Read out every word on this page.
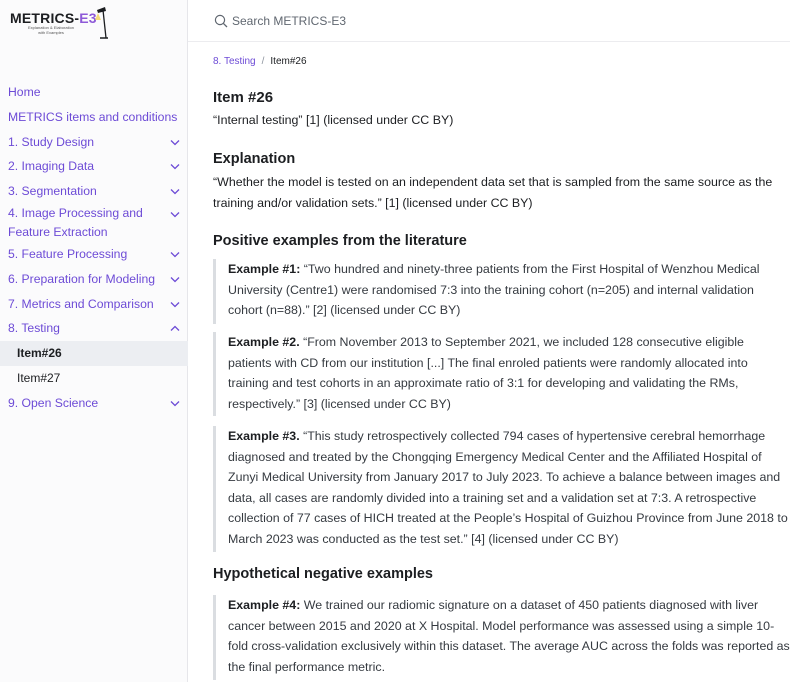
METRICS-E3
Explanation & Elaboration with Examples
Home
METRICS items and conditions
1. Study Design
2. Imaging Data
3. Segmentation
4. Image Processing and Feature Extraction
5. Feature Processing
6. Preparation for Modeling
7. Metrics and Comparison
8. Testing
Item#26
Item#27
9. Open Science
Search METRICS-E3
8. Testing / Item#26
Item #26

“Internal testing” [1] (licensed under CC BY)

Explanation

“Whether the model is tested on an independent data set that is sampled from the same source as the training and/or validation sets.” [1] (licensed under CC BY)

Positive examples from the literature
Example #1: “Two hundred and ninety-three patients from the First Hospital of Wenzhou Medical University (Centre1) were randomised 7:3 into the training cohort (n=205) and internal validation cohort (n=88).” [2] (licensed under CC BY)
Example #2. “From November 2013 to September 2021, we included 128 consecutive eligible patients with CD from our institution [...] The final enroled patients were randomly allocated into training and test cohorts in an approximate ratio of 3:1 for developing and validating the RMs, respectively.” [3] (licensed under CC BY)
Example #3. “This study retrospectively collected 794 cases of hypertensive cerebral hemorrhage diagnosed and treated by the Chongqing Emergency Medical Center and the Affiliated Hospital of Zunyi Medical University from January 2017 to July 2023. To achieve a balance between images and data, all cases are randomly divided into a training set and a validation set at 7:3. A retrospective collection of 77 cases of HICH treated at the People’s Hospital of Guizhou Province from June 2018 to March 2023 was conducted as the test set.” [4] (licensed under CC BY)
Hypothetical negative examples
Example #4: We trained our radiomic signature on a dataset of 450 patients diagnosed with liver cancer between 2015 and 2020 at X Hospital. Model performance was assessed using a simple 10-fold cross-validation exclusively within this dataset. The average AUC across the folds was reported as the final performance metric.
